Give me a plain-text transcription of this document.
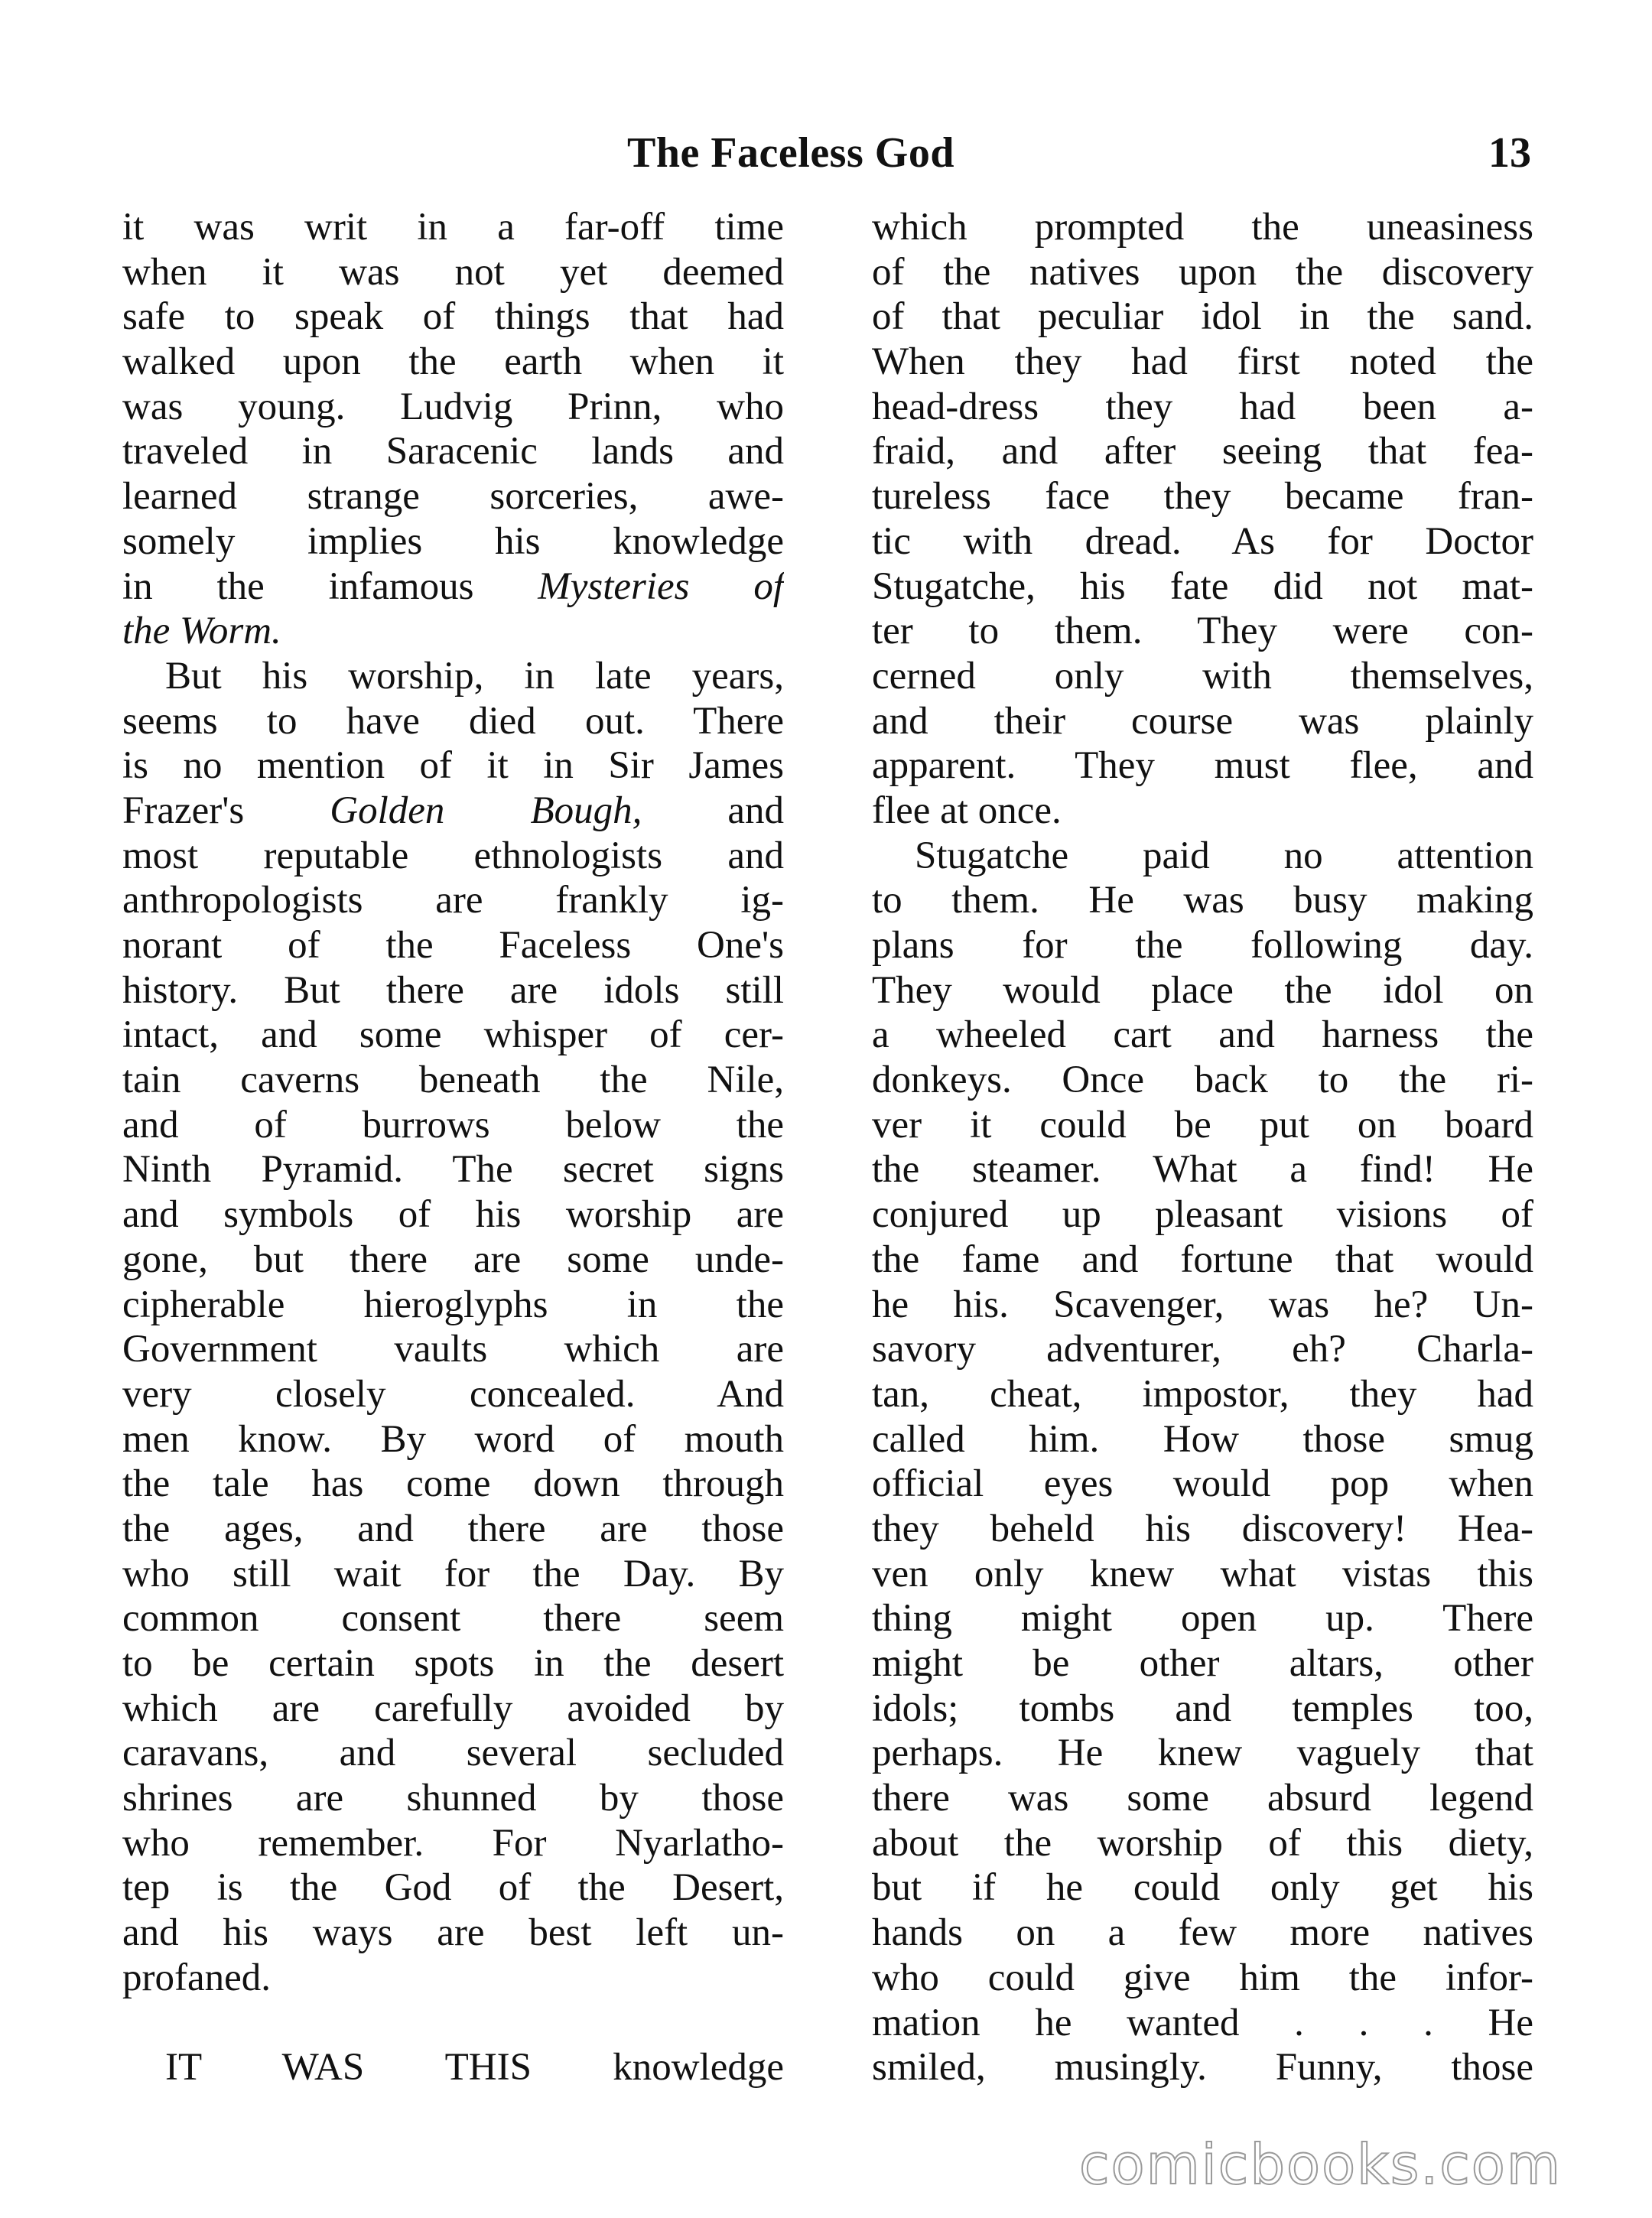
The Faceless God	13
it was writ in a far-off time
when it was not yet deemed
safe to speak of things that had
walked upon the earth when it
was young. Ludvig Prinn, who
traveled in Saracenic lands and
learned strange sorceries, awe-
somely implies his knowledge
in the infamous Mysteries of
the Worm.
But his worship, in late years,
seems to have died out. There
is no mention of it in Sir James
Frazer's Golden Bough, and
most reputable ethnologists and
anthropologists are frankly ig-
norant of the Faceless One's
history. But there are idols still
intact, and some whisper of cer-
tain caverns beneath the Nile,
and of burrows below the
Ninth Pyramid. The secret signs
and symbols of his worship are
gone, but there are some unde-
cipherable hieroglyphs in the
Government vaults which are
very closely concealed. And
men know. By word of mouth
the tale has come down through
the ages, and there are those
who still wait for the Day. By
common consent there seem
to be certain spots in the desert
which are carefully avoided by
caravans, and several secluded
shrines are shunned by those
who remember. For Nyarlatho-
tep is the God of the Desert,
and his ways are best left un-
profaned.
IT WAS THIS knowledge
which prompted the uneasiness
of the natives upon the discovery
of that peculiar idol in the sand.
When they had first noted the
head-dress they had been a-
fraid, and after seeing that fea-
tureless face they became fran-
tic with dread. As for Doctor
Stugatche, his fate did not mat-
ter to them. They were con-
cerned only with themselves,
and their course was plainly
apparent. They must flee, and
flee at once.
Stugatche paid no attention
to them. He was busy making
plans for the following day.
They would place the idol on
a wheeled cart and harness the
donkeys. Once back to the ri-
ver it could be put on board
the steamer. What a find! He
conjured up pleasant visions of
the fame and fortune that would
he his. Scavenger, was he? Un-
savory adventurer, eh? Charla-
tan, cheat, impostor, they had
called him. How those smug
official eyes would pop when
they beheld his discovery! Hea-
ven only knew what vistas this
thing might open up. There
might be other altars, other
idols; tombs and temples too,
perhaps. He knew vaguely that
there was some absurd legend
about the worship of this diety,
but if he could only get his
hands on a few more natives
who could give him the infor-
mation he wanted . . . He
smiled, musingly. Funny, those
comicbooks.com
